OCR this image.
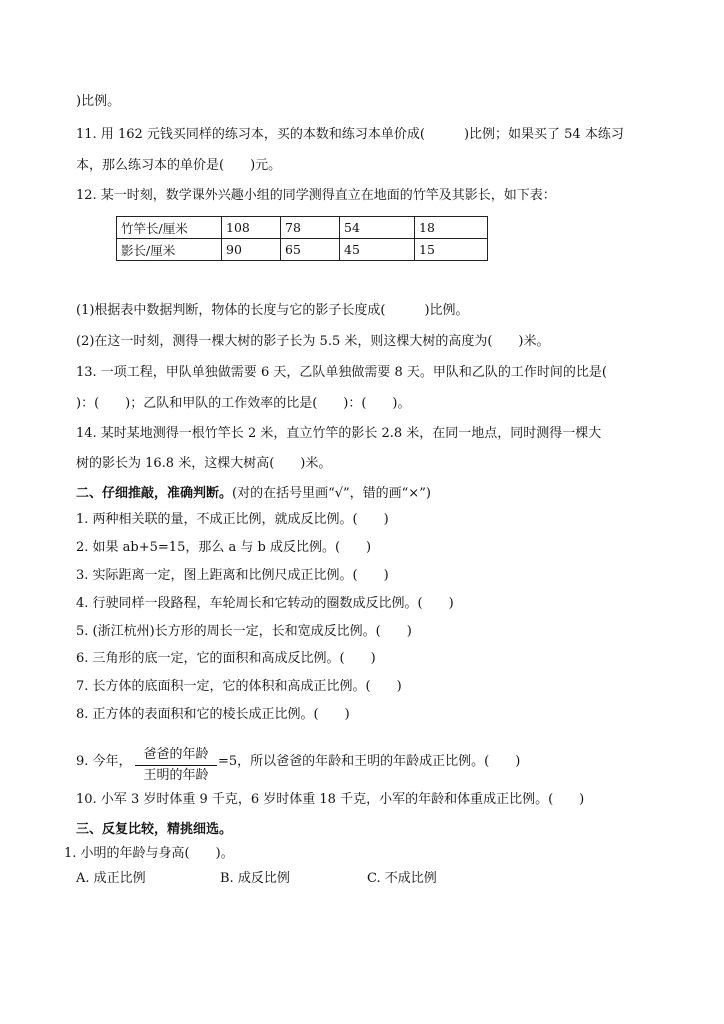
)比例。
11. 用 162 元钱买同样的练习本，买的本数和练习本单价成(　　　)比例；如果买了 54 本练习
本，那么练习本的单价是(　　)元。
12. 某一时刻，数学课外兴趣小组的同学测得直立在地面的竹竿及其影长，如下表：
竹竿长/厘米	108	78	54	18
影长/厘米	90	65	45	15
(1)根据表中数据判断，物体的长度与它的影子长度成(　　　)比例。
(2)在这一时刻，测得一棵大树的影子长为 5.5 米，则这棵大树的高度为(　　)米。
13. 一项工程，甲队单独做需要 6 天，乙队单独做需要 8 天。甲队和乙队的工作时间的比是(
)：(　　)；乙队和甲队的工作效率的比是(　　)：(　　)。
14. 某时某地测得一根竹竿长 2 米，直立竹竿的影长 2.8 米，在同一地点，同时测得一棵大
树的影长为 16.8 米，这棵大树高(　　)米。
二、仔细推敲，准确判断。(对的在括号里画“√”，错的画“×”)
1. 两种相关联的量，不成正比例，就成反比例。(　　)
2. 如果 ab+5=15，那么 a 与 b 成反比例。(　　)
3. 实际距离一定，图上距离和比例尺成正比例。(　　)
4. 行驶同样一段路程，车轮周长和它转动的圈数成反比例。(　　)
5. (浙江杭州)长方形的周长一定，长和宽成反比例。(　　)
6. 三角形的底一定，它的面积和高成反比例。(　　)
7. 长方体的底面积一定，它的体积和高成正比例。(　　)
8. 正方体的表面积和它的棱长成正比例。(　　)
9. 今年， 爸爸的年龄
王明的年龄
=5，所以爸爸的年龄和王明的年龄成正比例。(　　)
10. 小军 3 岁时体重 9 千克，6 岁时体重 18 千克，小军的年龄和体重成正比例。(　　)
三、反复比较，精挑细选。
1. 小明的年龄与身高(　　)。
A. 成正比例	B. 成反比例	C. 不成比例
